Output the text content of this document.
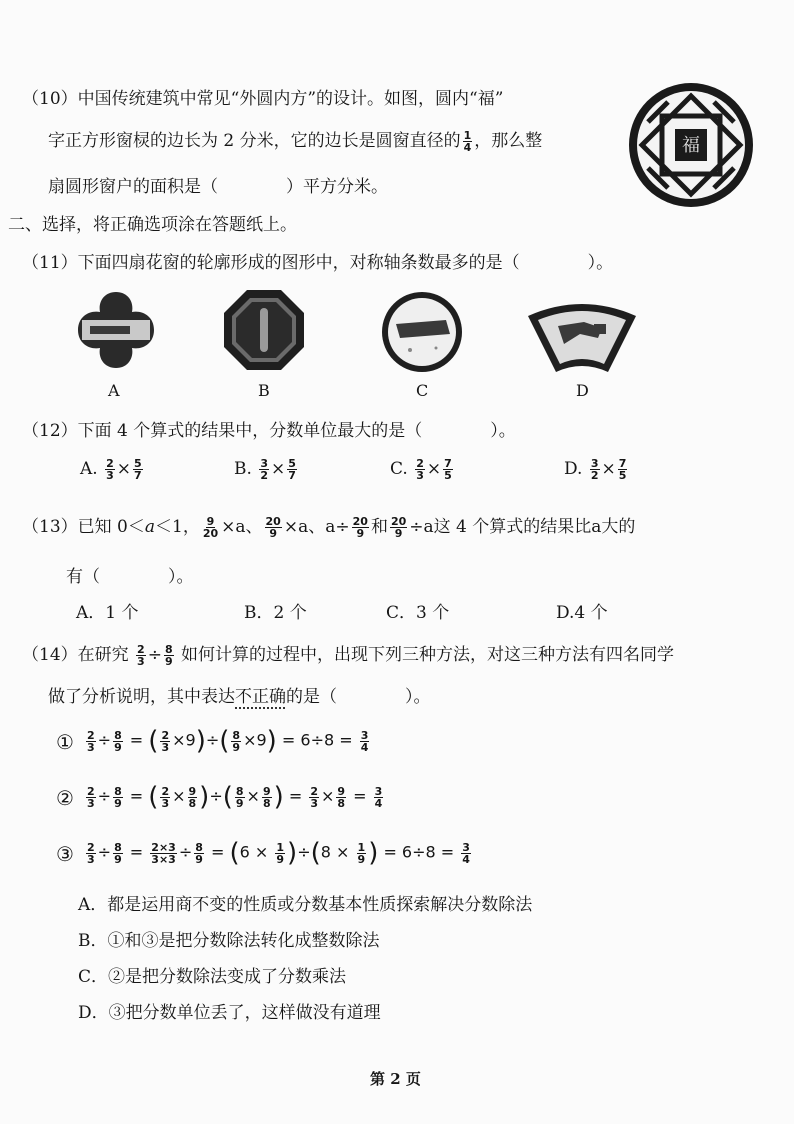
（10）中国传统建筑中常见“外圆内方”的设计。如图，圆内“福”
字正方形窗棂的边长为 2 分米，它的边长是圆窗直径的 $\frac{1}{4}$ ，那么整
扇圆形窗户的面积是（　　　　）平方分米。
福
二、选择，将正确选项涂在答题纸上。
（11）下面四扇花窗的轮廓形成的图形中，对称轴条数最多的是（　　　　）。
A	B	C	D
（12）下面 4 个算式的结果中，分数单位最大的是（　　　　）。
A. $\frac{2}{3} \times \frac{5}{7}$	B. $\frac{3}{2} \times \frac{5}{7}$	C. $\frac{2}{3} \times \frac{7}{5}$	D. $\frac{3}{2} \times \frac{7}{5}$
（13）已知 0＜a＜1， $\frac{9}{20} \times a$、 $\frac{20}{9} \times a$、$a\div \frac{20}{9}$ 和 $\frac{20}{9} \div a$这 4 个算式的结果比a大的
有（　　　　）。
A．1 个	B．2 个	C．3 个	D.4 个
（14）在研究 $\frac{2}{3} \div \frac{8}{9}$ 如何计算的过程中，出现下列三种方法，对这三种方法有四名同学
做了分析说明，其中表达不正确的是（　　　　）。
① $\frac{2}{3} \div \frac{8}{9}$ = ( $\frac{2}{3} \times 9)\div( \frac{8}{9} \times 9) = 6\div 8 = \frac{3}{4}$
② $\frac{2}{3} \div \frac{8}{9}$ = ( $\frac{2}{3} \times \frac{9}{8}$ )÷( $\frac{8}{9} \times \frac{9}{8}$ ) = $\frac{2}{3} \times \frac{9}{8} = \frac{3}{4}$
③ $\frac{2}{3} \div \frac{8}{9} = \frac{2\times 3}{3\times 3} \div \frac{8}{9} = (6 \times \frac{1}{9} )\div(8 \times \frac{1}{9}$ ) = $6\div 8 = \frac{3}{4}$
A．都是运用商不变的性质或分数基本性质探索解决分数除法
B．①和③是把分数除法转化成整数除法
C．②是把分数除法变成了分数乘法
D．③把分数单位丢了，这样做没有道理
第 2 页
